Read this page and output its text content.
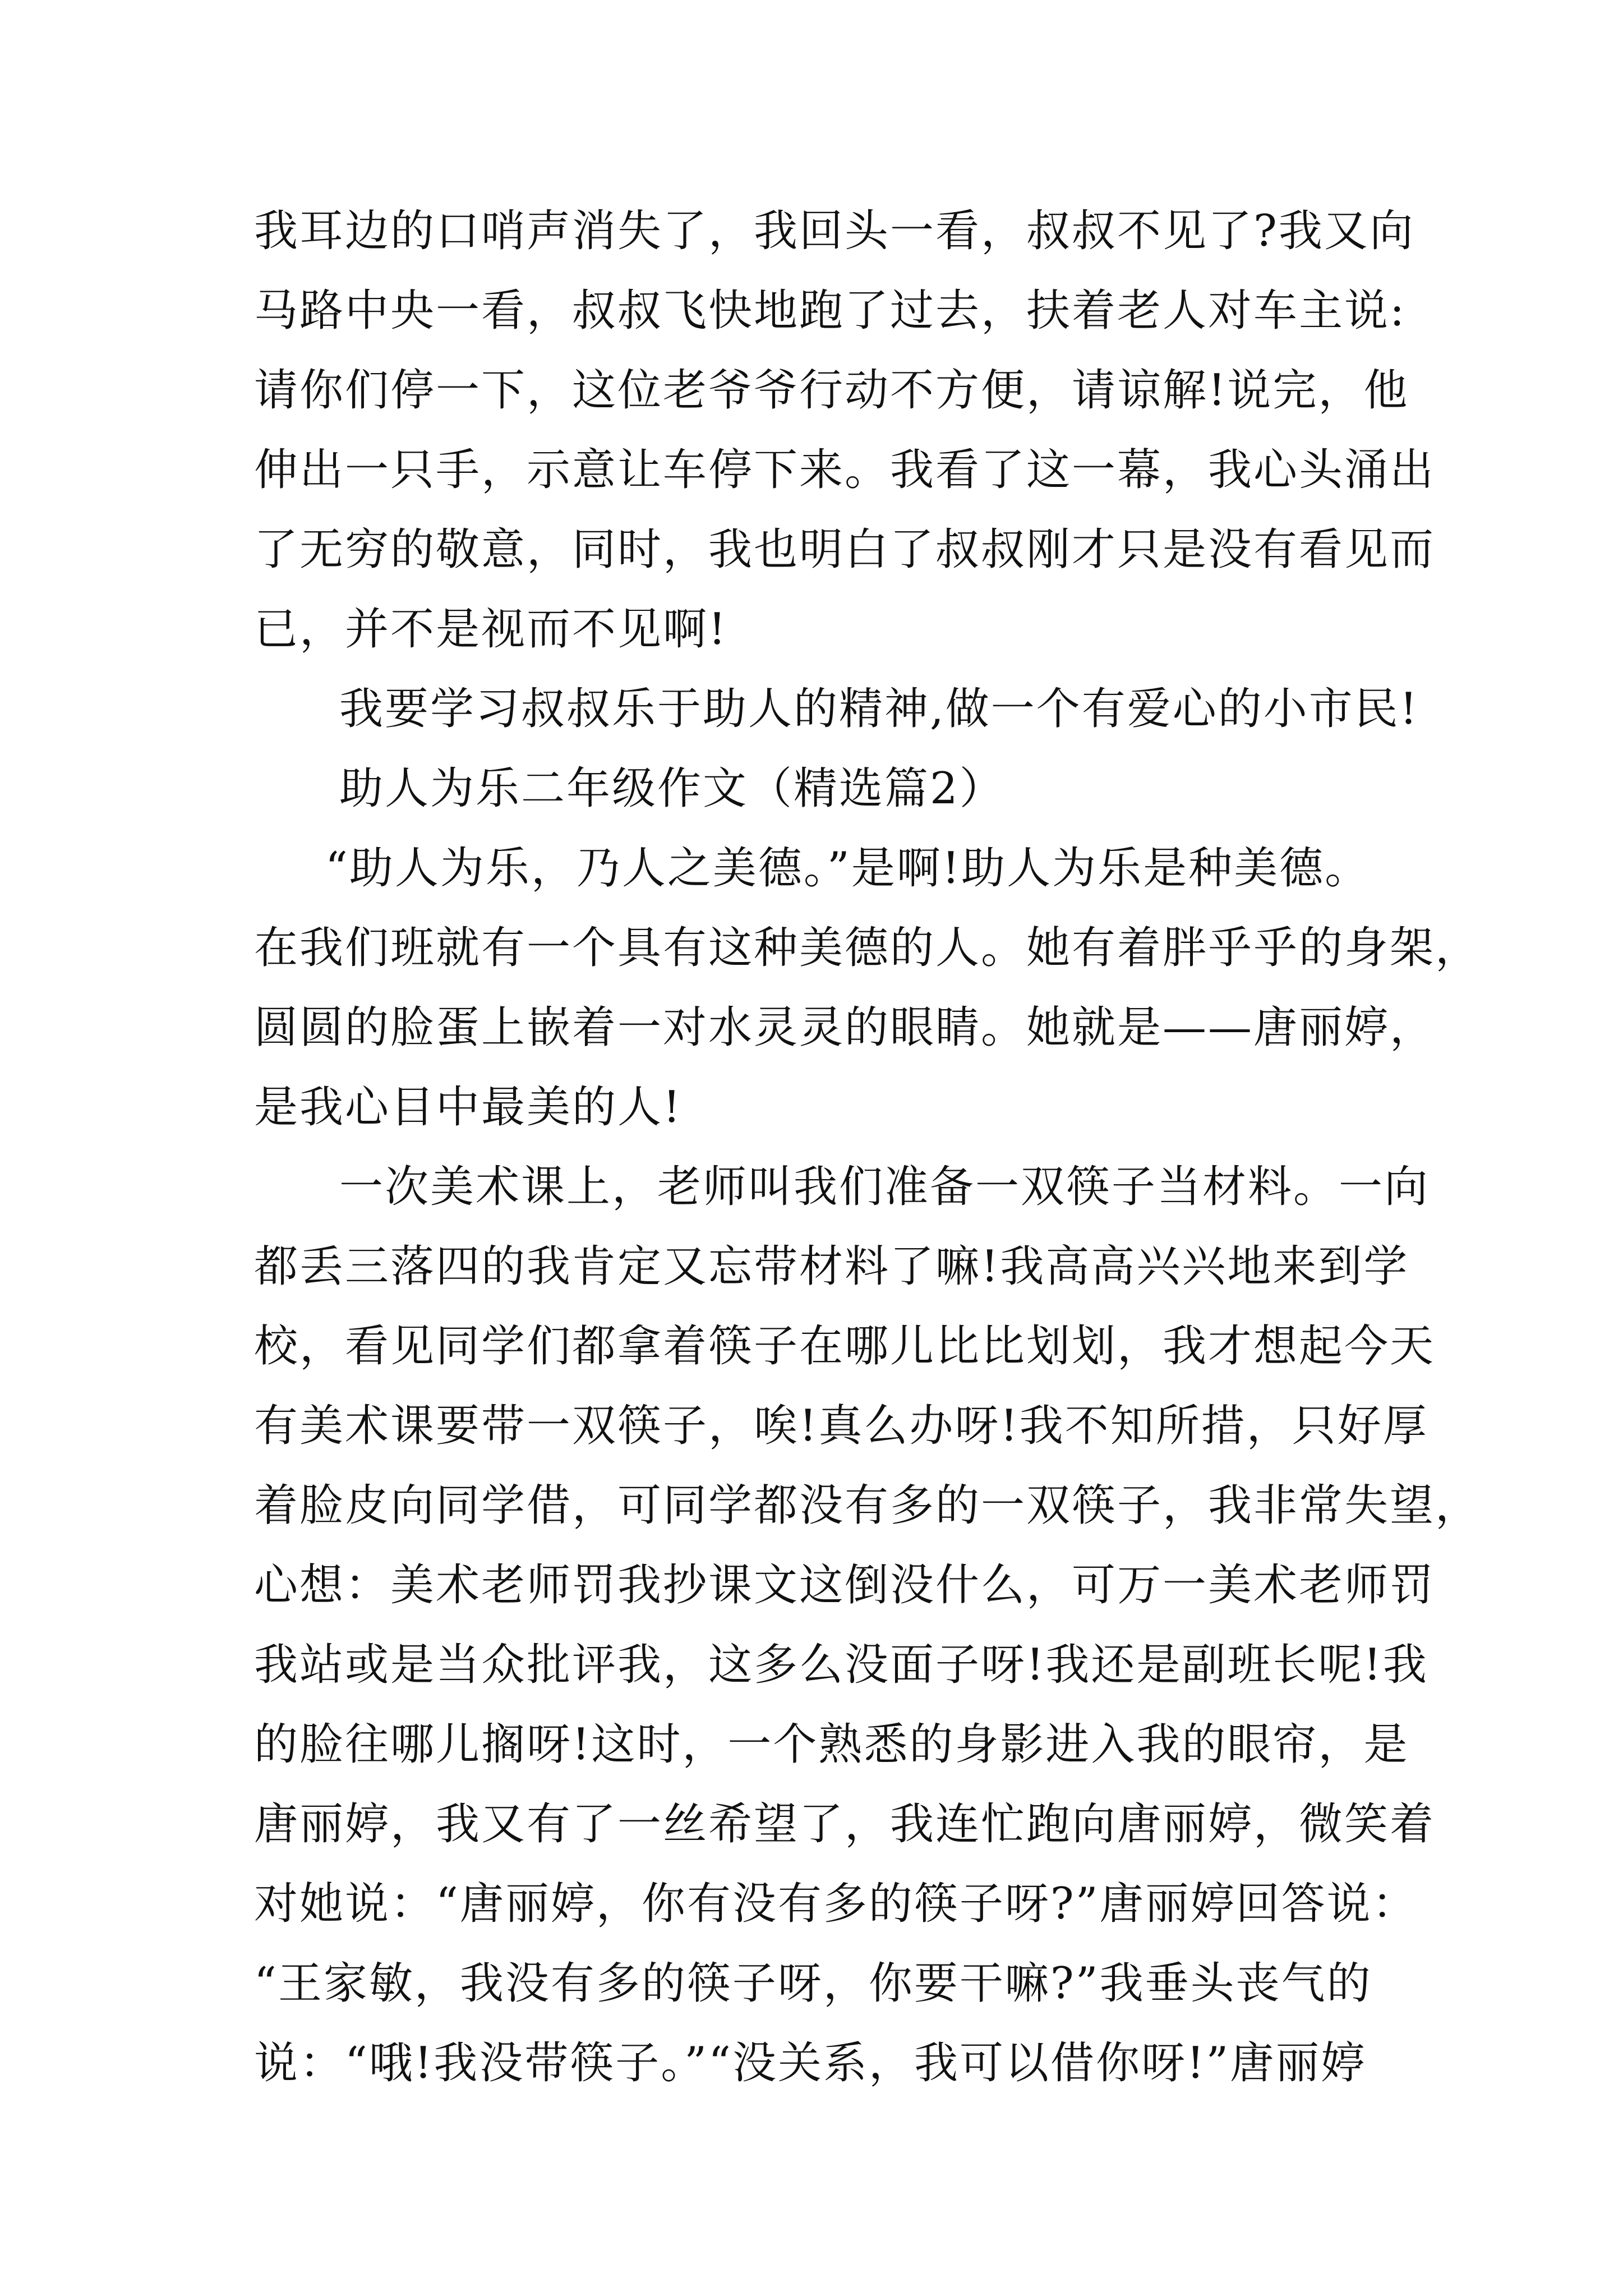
我耳边的口哨声消失了，我回头一看，叔叔不见了?我又向
马路中央一看，叔叔飞快地跑了过去，扶着老人对车主说:
请你们停一下，这位老爷爷行动不方便，请谅解!说完，他
伸出一只手，示意让车停下来。我看了这一幕，我心头涌出
了无穷的敬意，同时，我也明白了叔叔刚才只是没有看见而
已，并不是视而不见啊!
我要学习叔叔乐于助人的精神,做一个有爱心的小市民!
助人为乐二年级作文（精选篇2）
“助人为乐，乃人之美德。”是啊!助人为乐是种美德。
在我们班就有一个具有这种美德的人。她有着胖乎乎的身架，
圆圆的脸蛋上嵌着一对水灵灵的眼睛。她就是——唐丽婷，
是我心目中最美的人!
一次美术课上，老师叫我们准备一双筷子当材料。一向
都丢三落四的我肯定又忘带材料了嘛!我高高兴兴地来到学
校，看见同学们都拿着筷子在哪儿比比划划，我才想起今天
有美术课要带一双筷子，唉!真么办呀!我不知所措，只好厚
着脸皮向同学借，可同学都没有多的一双筷子，我非常失望，
心想：美术老师罚我抄课文这倒没什么，可万一美术老师罚
我站或是当众批评我，这多么没面子呀!我还是副班长呢!我
的脸往哪儿搁呀!这时，一个熟悉的身影进入我的眼帘，是
唐丽婷，我又有了一丝希望了，我连忙跑向唐丽婷，微笑着
对她说：“唐丽婷，你有没有多的筷子呀?”唐丽婷回答说：
“王家敏，我没有多的筷子呀，你要干嘛?”我垂头丧气的
说：“哦!我没带筷子。”“没关系，我可以借你呀!”唐丽婷
